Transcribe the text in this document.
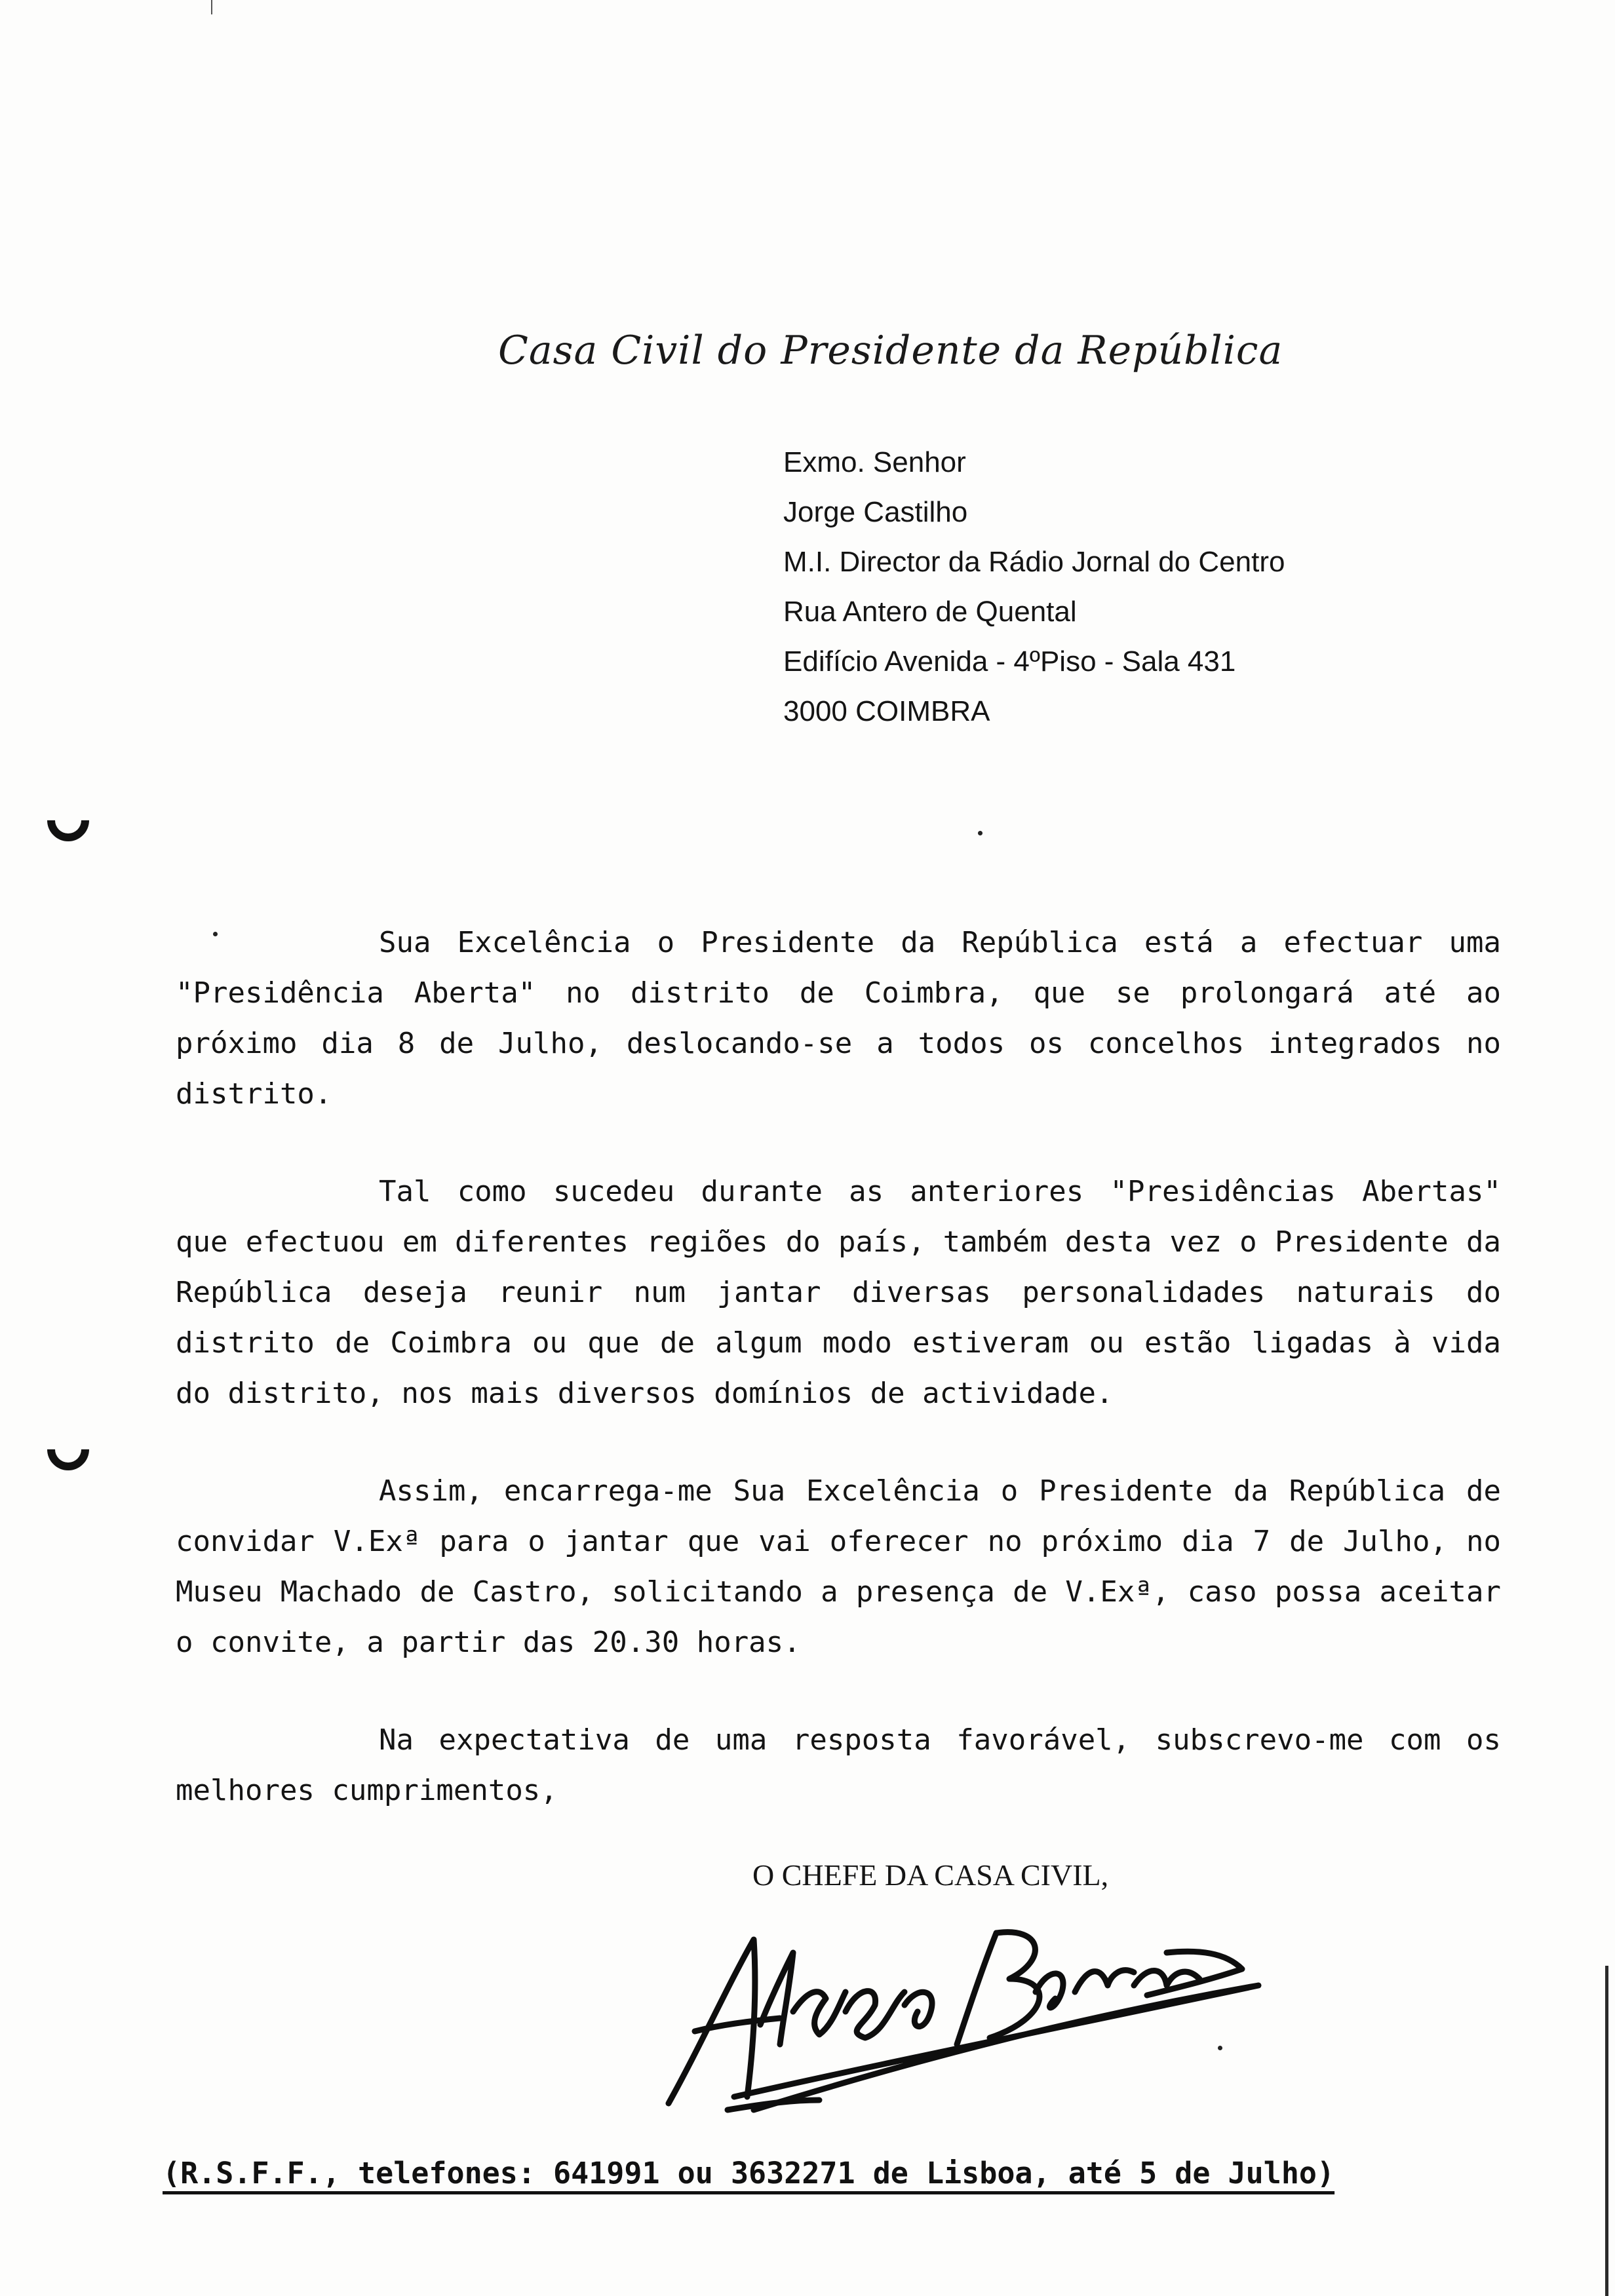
Casa Civil do Presidente da República
Exmo. Senhor
Jorge Castilho
M.I. Director da Rádio Jornal do Centro
Rua Antero de Quental
Edifício Avenida - 4ºPiso - Sala 431
3000 COIMBRA

Sua Excelência o Presidente da República está a efectuar uma "Presidência Aberta" no distrito de Coimbra, que se prolongará até ao próximo dia 8 de Julho, deslocando-se a todos os concelhos integrados no distrito.

Tal como sucedeu durante as anteriores "Presidências Abertas" que efectuou em diferentes regiões do país, também desta vez o Presidente da República deseja reunir num jantar diversas personalidades naturais do distrito de Coimbra ou que de algum modo estiveram ou estão ligadas à vida do distrito, nos mais diversos domínios de actividade.

Assim, encarrega-me Sua Excelência o Presidente da República de convidar V.Exª para o jantar que vai oferecer no próximo dia 7 de Julho, no Museu Machado de Castro, solicitando a presença de V.Exª, caso possa aceitar o convite, a partir das 20.30 horas.

Na expectativa de uma resposta favorável, subscrevo-me com os melhores cumprimentos,

O CHEFE DA CASA CIVIL,
(R.S.F.F., telefones: 641991 ou 3632271 de Lisboa, até 5 de Julho)
